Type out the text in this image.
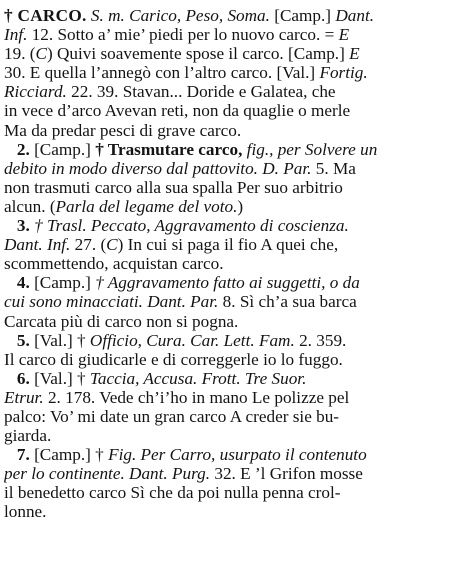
† CARCO. S. m. Carico, Peso, Soma. [Camp.] Dant.
Inf. 12. Sotto a’ mie’ piedi per lo nuovo carco. = E
19. (C) Quivi soavemente spose il carco. [Camp.] E
30. E quella l’annegò con l’altro carco. [Val.] Fortig.
Ricciard. 22. 39. Stavan... Doride e Galatea, che
in vece d’arco Avevan reti, non da quaglie o merle
Ma da predar pesci di grave carco.
2. [Camp.] † Trasmutare carco, fig., per Solvere un
debito in modo diverso dal pattovito. D. Par. 5. Ma
non trasmuti carco alla sua spalla Per suo arbitrio
alcun. (Parla del legame del voto.)
3. † Trasl. Peccato, Aggravamento di coscienza.
Dant. Inf. 27. (C) In cui si paga il fio A quei che,
scommettendo, acquistan carco.
4. [Camp.] † Aggravamento fatto ai suggetti, o da
cui sono minacciati. Dant. Par. 8. Sì ch’a sua barca
Carcata più di carco non si pogna.
5. [Val.] † Officio, Cura. Car. Lett. Fam. 2. 359.
Il carco di giudicarle e di correggerle io lo fuggo.
6. [Val.] † Taccia, Accusa. Frott. Tre Suor.
Etrur. 2. 178. Vede ch’i’ho in mano Le polizze pel
palco: Vo’ mi date un gran carco A creder sie bu-
giarda.
7. [Camp.] † Fig. Per Carro, usurpato il contenuto
per lo continente. Dant. Purg. 32. E ’l Grifon mosse
il benedetto carco Sì che da poi nulla penna crol-
lonne.
